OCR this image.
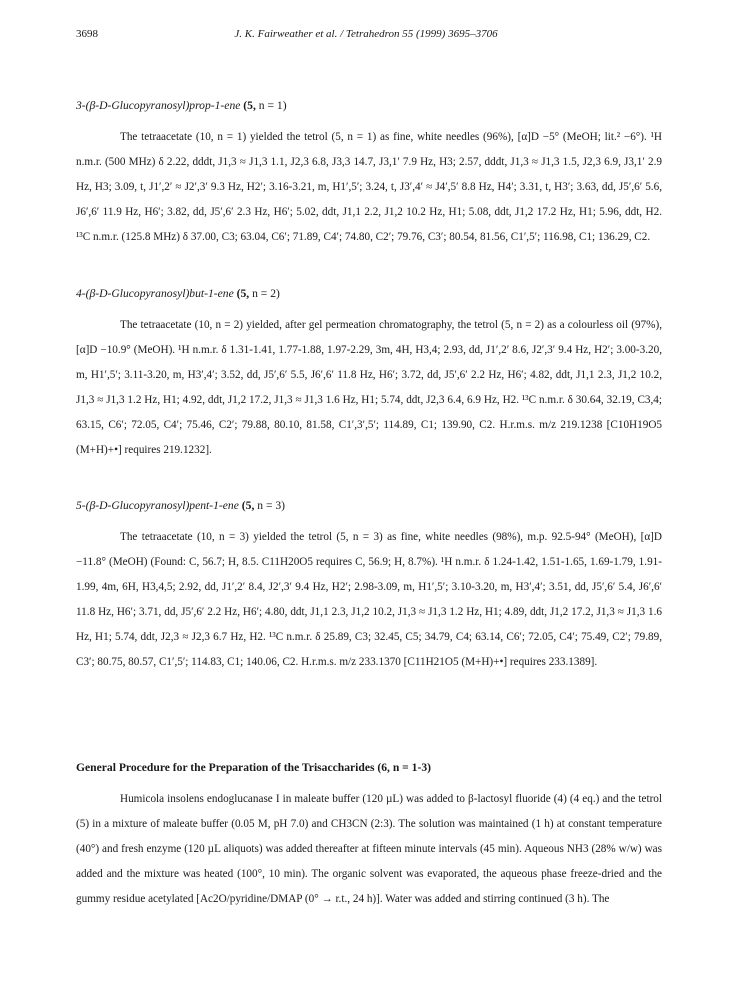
3698	J. K. Fairweather et al. / Tetrahedron 55 (1999) 3695–3706

3-(β-D-Glucopyranosyl)prop-1-ene (5, n = 1)

The tetraacetate (10, n = 1) yielded the tetrol (5, n = 1) as fine, white needles (96%), [α]D −5° (MeOH; lit.² −6°). ¹H n.m.r. (500 MHz) δ 2.22, dddt, J1,3 ≈ J1,3 1.1, J2,3 6.8, J3,3 14.7, J3,1′ 7.9 Hz, H3; 2.57, dddt, J1,3 ≈ J1,3 1.5, J2,3 6.9, J3,1′ 2.9 Hz, H3; 3.09, t, J1′,2′ ≈ J2′,3′ 9.3 Hz, H2′; 3.16-3.21, m, H1′,5′; 3.24, t, J3′,4′ ≈ J4′,5′ 8.8 Hz, H4′; 3.31, t, H3′; 3.63, dd, J5′,6′ 5.6, J6′,6′ 11.9 Hz, H6′; 3.82, dd, J5′,6′ 2.3 Hz, H6′; 5.02, ddt, J1,1 2.2, J1,2 10.2 Hz, H1; 5.08, ddt, J1,2 17.2 Hz, H1; 5.96, ddt, H2. ¹³C n.m.r. (125.8 MHz) δ 37.00, C3; 63.04, C6′; 71.89, C4′; 74.80, C2′; 79.76, C3′; 80.54, 81.56, C1′,5′; 116.98, C1; 136.29, C2.

4-(β-D-Glucopyranosyl)but-1-ene (5, n = 2)

The tetraacetate (10, n = 2) yielded, after gel permeation chromatography, the tetrol (5, n = 2) as a colourless oil (97%), [α]D −10.9° (MeOH). ¹H n.m.r. δ 1.31-1.41, 1.77-1.88, 1.97-2.29, 3m, 4H, H3,4; 2.93, dd, J1′,2′ 8.6, J2′,3′ 9.4 Hz, H2′; 3.00-3.20, m, H1′,5′; 3.11-3.20, m, H3′,4′; 3.52, dd, J5′,6′ 5.5, J6′,6′ 11.8 Hz, H6′; 3.72, dd, J5′,6′ 2.2 Hz, H6′; 4.82, ddt, J1,1 2.3, J1,2 10.2, J1,3 ≈ J1,3 1.2 Hz, H1; 4.92, ddt, J1,2 17.2, J1,3 ≈ J1,3 1.6 Hz, H1; 5.74, ddt, J2,3 6.4, 6.9 Hz, H2. ¹³C n.m.r. δ 30.64, 32.19, C3,4; 63.15, C6′; 72.05, C4′; 75.46, C2′; 79.88, 80.10, 81.58, C1′,3′,5′; 114.89, C1; 139.90, C2. H.r.m.s. m/z 219.1238 [C10H19O5 (M+H)+•] requires 219.1232].

5-(β-D-Glucopyranosyl)pent-1-ene (5, n = 3)

The tetraacetate (10, n = 3) yielded the tetrol (5, n = 3) as fine, white needles (98%), m.p. 92.5-94° (MeOH), [α]D −11.8° (MeOH) (Found: C, 56.7; H, 8.5. C11H20O5 requires C, 56.9; H, 8.7%). ¹H n.m.r. δ 1.24-1.42, 1.51-1.65, 1.69-1.79, 1.91-1.99, 4m, 6H, H3,4,5; 2.92, dd, J1′,2′ 8.4, J2′,3′ 9.4 Hz, H2′; 2.98-3.09, m, H1′,5′; 3.10-3.20, m, H3′,4′; 3.51, dd, J5′,6′ 5.4, J6′,6′ 11.8 Hz, H6′; 3.71, dd, J5′,6′ 2.2 Hz, H6′; 4.80, ddt, J1,1 2.3, J1,2 10.2, J1,3 ≈ J1,3 1.2 Hz, H1; 4.89, ddt, J1,2 17.2, J1,3 ≈ J1,3 1.6 Hz, H1; 5.74, ddt, J2,3 ≈ J2,3 6.7 Hz, H2. ¹³C n.m.r. δ 25.89, C3; 32.45, C5; 34.79, C4; 63.14, C6′; 72.05, C4′; 75.49, C2′; 79.89, C3′; 80.75, 80.57, C1′,5′; 114.83, C1; 140.06, C2. H.r.m.s. m/z 233.1370 [C11H21O5 (M+H)+•] requires 233.1389].

General Procedure for the Preparation of the Trisaccharides (6, n = 1-3)

Humicola insolens endoglucanase I in maleate buffer (120 µL) was added to β-lactosyl fluoride (4) (4 eq.) and the tetrol (5) in a mixture of maleate buffer (0.05 M, pH 7.0) and CH3CN (2:3). The solution was maintained (1 h) at constant temperature (40°) and fresh enzyme (120 µL aliquots) was added thereafter at fifteen minute intervals (45 min). Aqueous NH3 (28% w/w) was added and the mixture was heated (100°, 10 min). The organic solvent was evaporated, the aqueous phase freeze-dried and the gummy residue acetylated [Ac2O/pyridine/DMAP (0° → r.t., 24 h)]. Water was added and stirring continued (3 h). The
